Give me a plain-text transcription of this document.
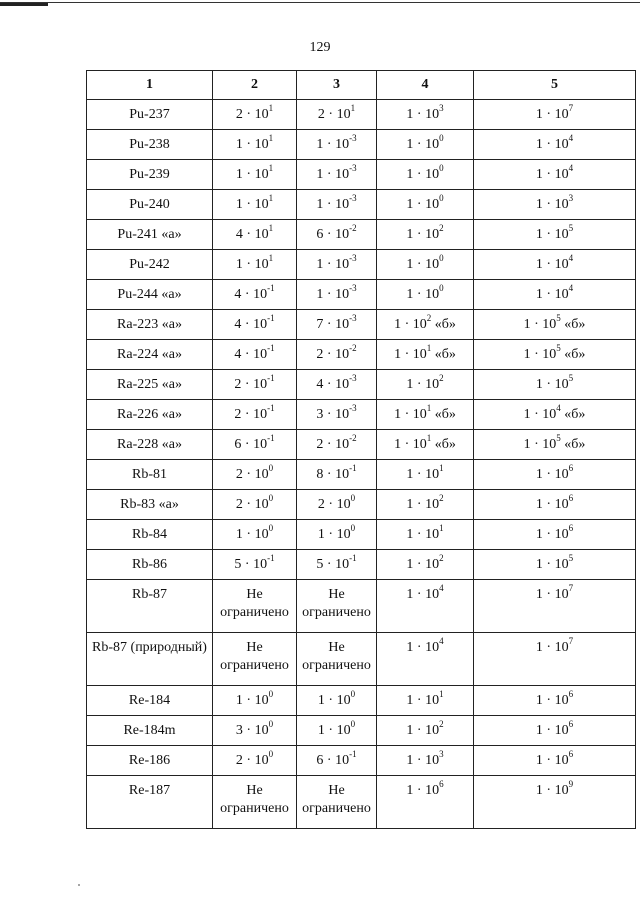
129
1	2	3	4	5
Pu-237	$2 \cdot 10^1$	$2 \cdot 10^1$	$1 \cdot 10^3$	$1 \cdot 10^7$
Pu-238	$1 \cdot 10^1$	$1 \cdot 10^{-3}$	$1 \cdot 10^0$	$1 \cdot 10^4$
Pu-239	$1 \cdot 10^1$	$1 \cdot 10^{-3}$	$1 \cdot 10^0$	$1 \cdot 10^4$
Pu-240	$1 \cdot 10^1$	$1 \cdot 10^{-3}$	$1 \cdot 10^0$	$1 \cdot 10^3$
Pu-241 «а»	$4 \cdot 10^1$	$6 \cdot 10^{-2}$	$1 \cdot 10^2$	$1 \cdot 10^5$
Pu-242	$1 \cdot 10^1$	$1 \cdot 10^{-3}$	$1 \cdot 10^0$	$1 \cdot 10^4$
Pu-244 «а»	$4 \cdot 10^{-1}$	$1 \cdot 10^{-3}$	$1 \cdot 10^0$	$1 \cdot 10^4$
Ra-223 «а»	$4 \cdot 10^{-1}$	$7 \cdot 10^{-3}$	$1 \cdot 10^2$ «б»	$1 \cdot 10^5$ «б»
Ra-224 «а»	$4 \cdot 10^{-1}$	$2 \cdot 10^{-2}$	$1 \cdot 10^1$ «б»	$1 \cdot 10^5$ «б»
Ra-225 «а»	$2 \cdot 10^{-1}$	$4 \cdot 10^{-3}$	$1 \cdot 10^2$	$1 \cdot 10^5$
Ra-226 «а»	$2 \cdot 10^{-1}$	$3 \cdot 10^{-3}$	$1 \cdot 10^1$ «б»	$1 \cdot 10^4$ «б»
Ra-228 «а»	$6 \cdot 10^{-1}$	$2 \cdot 10^{-2}$	$1 \cdot 10^1$ «б»	$1 \cdot 10^5$ «б»
Rb-81	$2 \cdot 10^0$	$8 \cdot 10^{-1}$	$1 \cdot 10^1$	$1 \cdot 10^6$
Rb-83 «а»	$2 \cdot 10^0$	$2 \cdot 10^0$	$1 \cdot 10^2$	$1 \cdot 10^6$
Rb-84	$1 \cdot 10^0$	$1 \cdot 10^0$	$1 \cdot 10^1$	$1 \cdot 10^6$
Rb-86	$5 \cdot 10^{-1}$	$5 \cdot 10^{-1}$	$1 \cdot 10^2$	$1 \cdot 10^5$
Rb-87	Не ограничено	Не ограничено	$1 \cdot 10^4$	$1 \cdot 10^7$
Rb-87 (природный)	Не ограничено	Не ограничено	$1 \cdot 10^4$	$1 \cdot 10^7$
Re-184	$1 \cdot 10^0$	$1 \cdot 10^0$	$1 \cdot 10^1$	$1 \cdot 10^6$
Re-184m	$3 \cdot 10^0$	$1 \cdot 10^0$	$1 \cdot 10^2$	$1 \cdot 10^6$
Re-186	$2 \cdot 10^0$	$6 \cdot 10^{-1}$	$1 \cdot 10^3$	$1 \cdot 10^6$
Re-187	Не ограничено	Не ограничено	$1 \cdot 10^6$	$1 \cdot 10^9$
